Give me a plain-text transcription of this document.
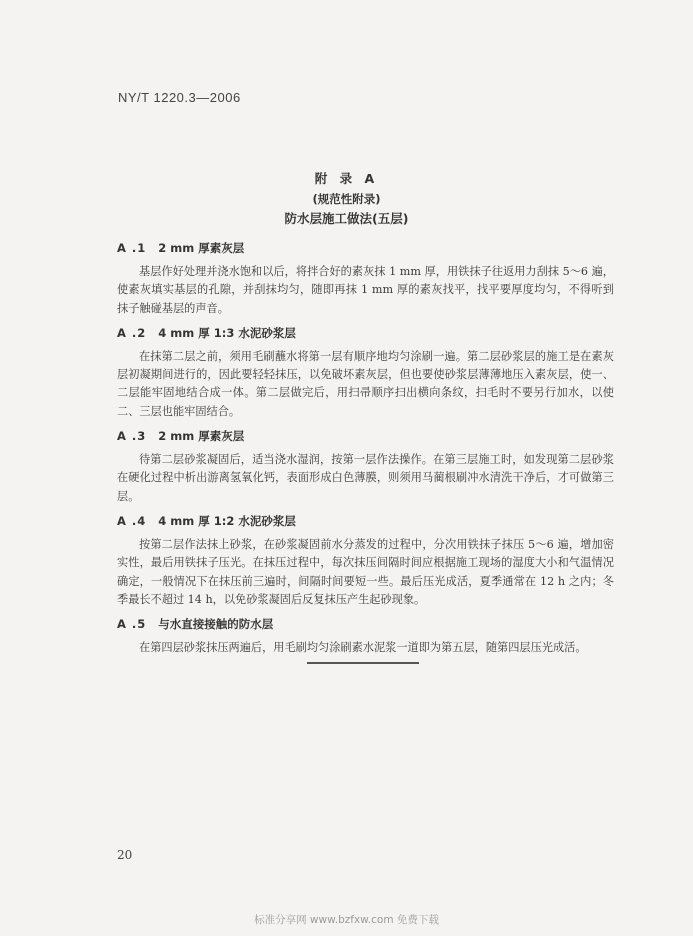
NY/T 1220.3—2006
附 录 A
(规范性附录)
防水层施工做法(五层)
A .1 2 mm 厚素灰层

基层作好处理并浇水饱和以后，将拌合好的素灰抹 1 mm 厚，用铁抹子往返用力刮抹 5～6 遍，使素灰填实基层的孔隙，并刮抹均匀，随即再抹 1 mm 厚的素灰找平，找平要厚度均匀，不得听到抹子触碰基层的声音。

A .2 4 mm 厚 1:3 水泥砂浆层

在抹第二层之前，须用毛刷蘸水将第一层有顺序地均匀涂刷一遍。第二层砂浆层的施工是在素灰层初凝期间进行的，因此要轻轻抹压，以免破坏素灰层，但也要使砂浆层薄薄地压入素灰层，使一、二层能牢固地结合成一体。第二层做完后，用扫帚顺序扫出横向条纹，扫毛时不要另行加水，以使二、三层也能牢固结合。

A .3 2 mm 厚素灰层

待第二层砂浆凝固后，适当浇水湿润，按第一层作法操作。在第三层施工时，如发现第二层砂浆在硬化过程中析出游离氢氧化钙，表面形成白色薄膜，则须用马蔺根刷冲水清洗干净后，才可做第三层。

A .4 4 mm 厚 1:2 水泥砂浆层

按第二层作法抹上砂浆，在砂浆凝固前水分蒸发的过程中，分次用铁抹子抹压 5～6 遍，增加密实性，最后用铁抹子压光。在抹压过程中，每次抹压间隔时间应根据施工现场的湿度大小和气温情况确定，一般情况下在抹压前三遍时，间隔时间要短一些。最后压光成活，夏季通常在 12 h 之内；冬季最长不超过 14 h，以免砂浆凝固后反复抹压产生起砂现象。

A .5 与水直接接触的防水层

在第四层砂浆抹压两遍后，用毛刷均匀涂刷素水泥浆一道即为第五层，随第四层压光成活。

20
标准分享网 www.bzfxw.com 免费下载
